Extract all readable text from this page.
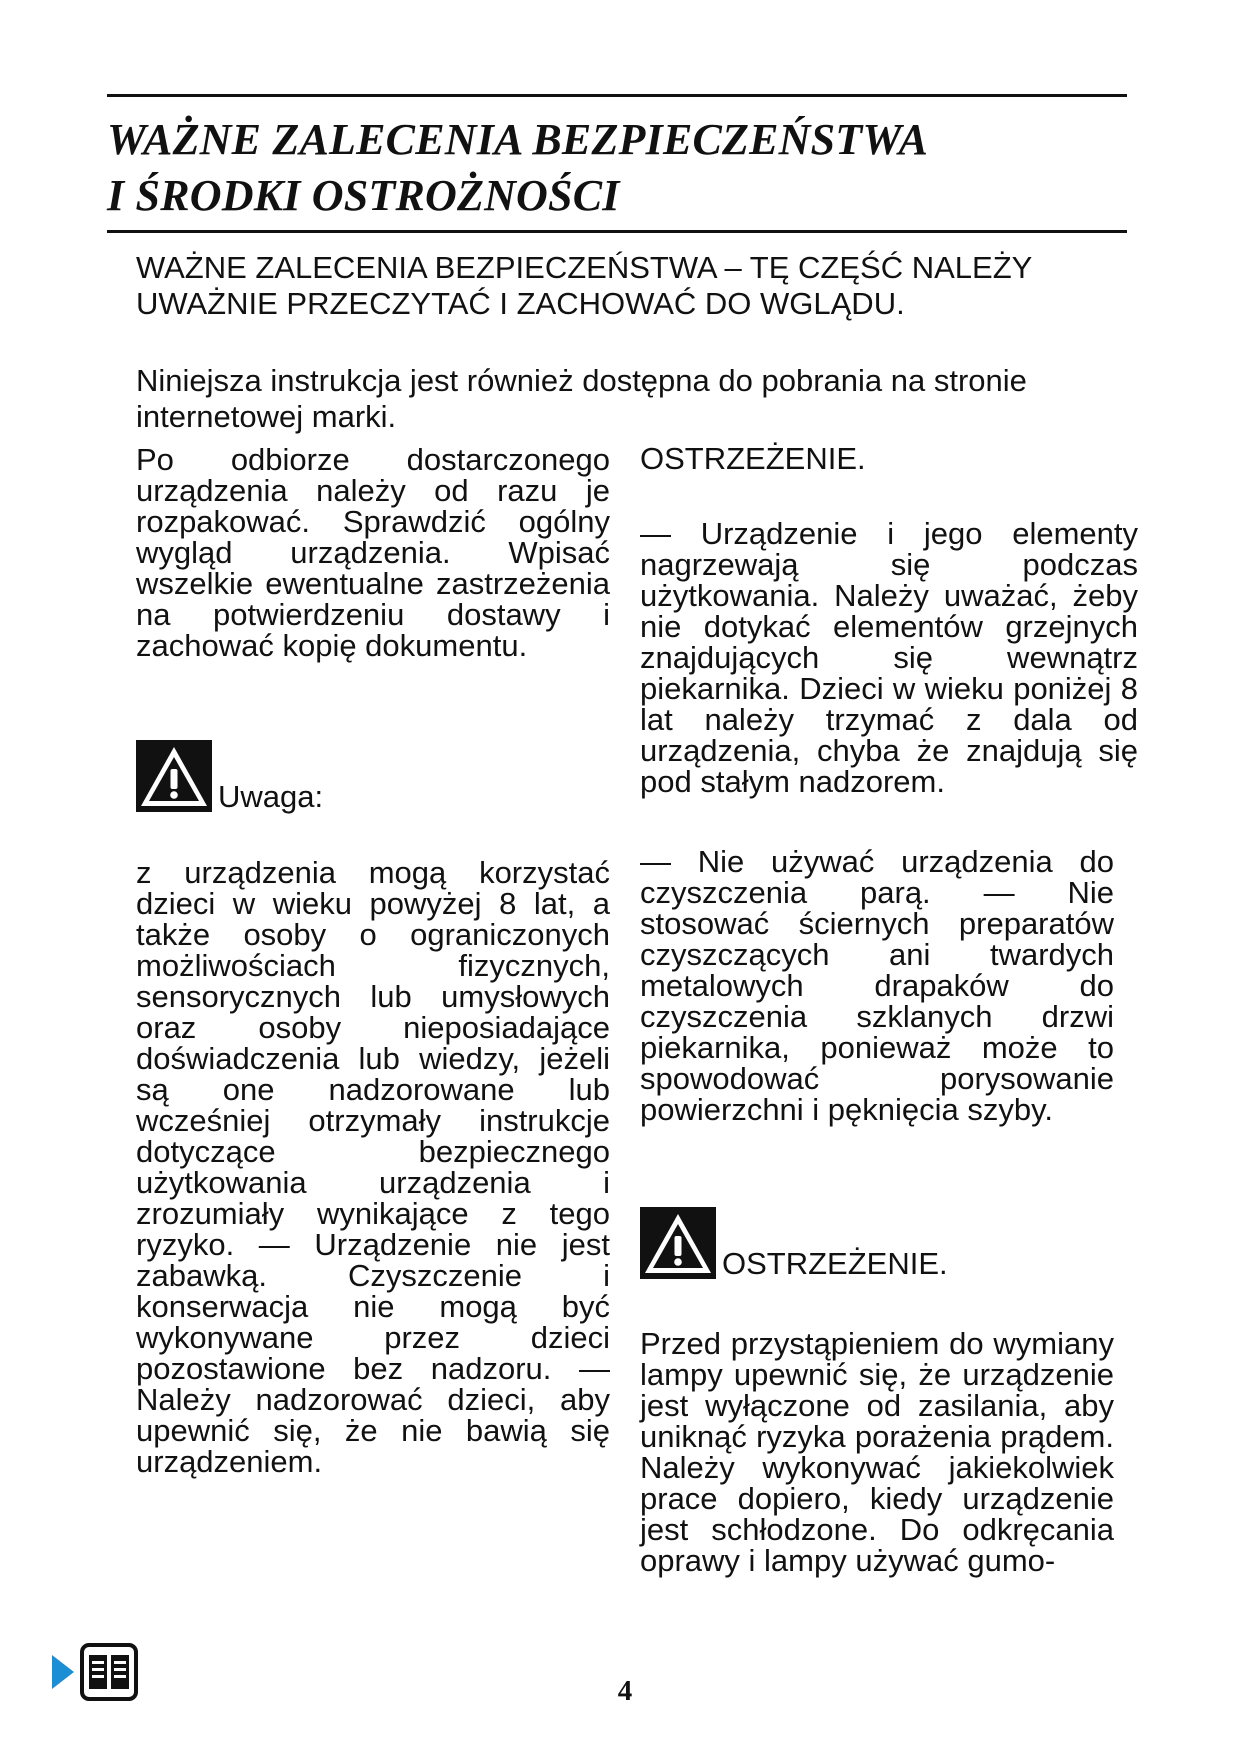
WAŻNE ZALECENIA BEZPIECZEŃSTWA
I ŚRODKI OSTROŻNOŚCI

WAŻNE ZALECENIA BEZPIECZEŃSTWA – TĘ CZĘŚĆ NALEŻY UWAŻNIE PRZECZYTAĆ I ZACHOWAĆ DO WGLĄDU.

Niniejsza instrukcja jest również dostępna do pobrania na stronie internetowej marki.

Po odbiorze dostarczonego urządzenia należy od razu je rozpakować. Sprawdzić ogólny wygląd urządzenia. Wpisać wszelkie ewentualne zastrzeżenia na potwierdzeniu dostawy i zachować kopię dokumentu.

Uwaga:

z urządzenia mogą korzystać dzieci w wieku powyżej 8 lat, a także osoby o ograniczonych możliwościach fizycznych, sensorycznych lub umysłowych oraz osoby nieposiadające doświadczenia lub wiedzy, jeżeli są one nadzorowane lub wcześniej otrzymały instrukcje dotyczące bezpiecznego użytkowania urządzenia i zrozumiały wynikające z tego ryzyko. — Urządzenie nie jest zabawką. Czyszczenie i konserwacja nie mogą być wykonywane przez dzieci pozostawione bez nadzoru. — Należy nadzorować dzieci, aby upewnić się, że nie bawią się urządzeniem.

OSTRZEŻENIE.

— Urządzenie i jego elementy nagrzewają się podczas użytkowania. Należy uważać, żeby nie dotykać elementów grzejnych znajdujących się wewnątrz piekarnika. Dzieci w wieku poniżej 8 lat należy trzymać z dala od urządzenia, chyba że znajdują się pod stałym nadzorem.

— Nie używać urządzenia do czyszczenia parą. — Nie stosować ściernych preparatów czyszczących ani twardych metalowych drapaków do czyszczenia szklanych drzwi piekarnika, ponieważ może to spowodować porysowanie powierzchni i pęknięcia szyby.

OSTRZEŻENIE.

Przed przystąpieniem do wymiany lampy upewnić się, że urządzenie jest wyłączone od zasilania, aby uniknąć ryzyka porażenia prądem. Należy wykonywać jakiekolwiek prace dopiero, kiedy urządzenie jest schłodzone. Do odkręcania oprawy i lampy używać gumo-

4
